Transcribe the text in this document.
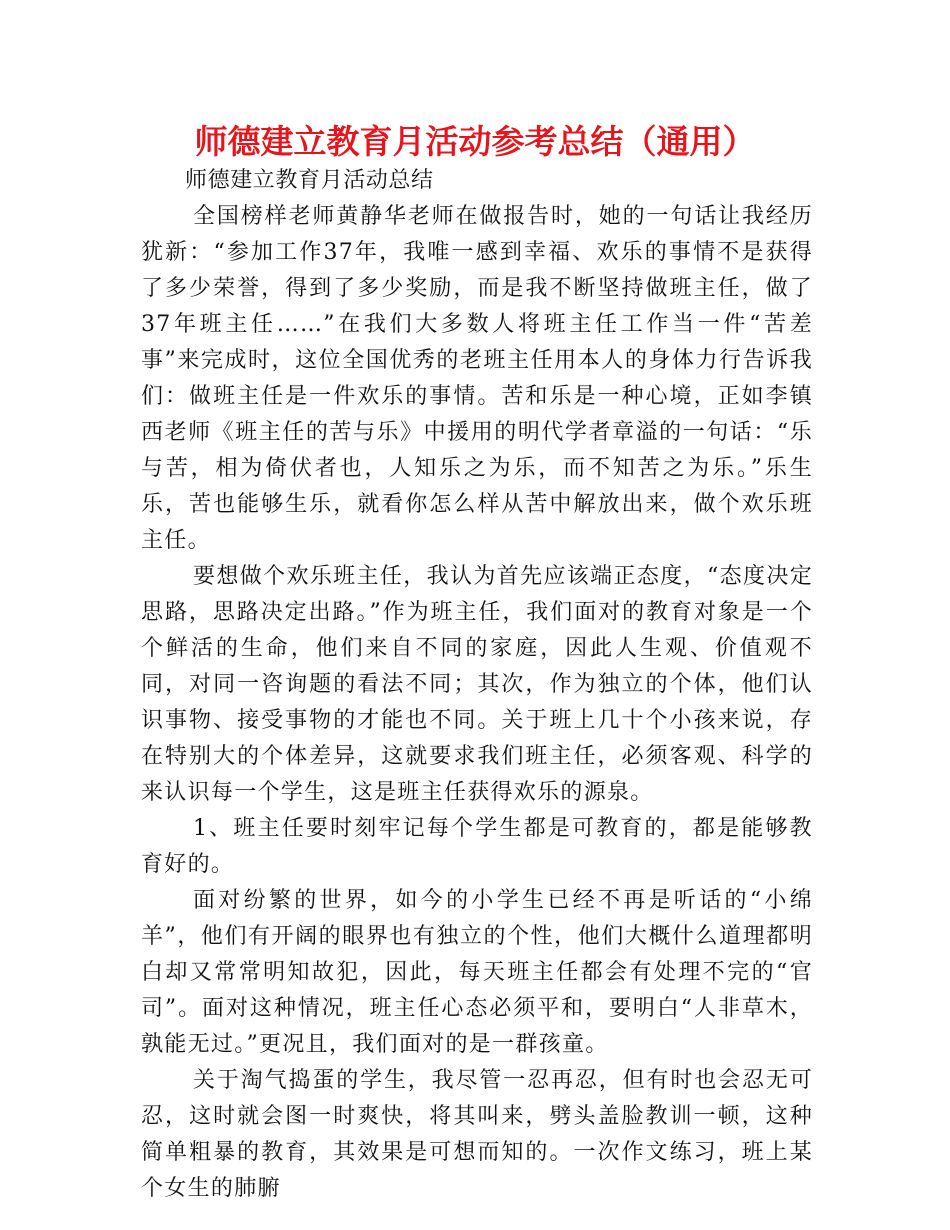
师德建立教育月活动参考总结（通用）

师德建立教育月活动总结

全国榜样老师黄静华老师在做报告时，她的一句话让我经历犹新：“参加工作37年，我唯一感到幸福、欢乐的事情不是获得了多少荣誉，得到了多少奖励，而是我不断坚持做班主任，做了37年班主任……”在我们大多数人将班主任工作当一件“苦差事”来完成时，这位全国优秀的老班主任用本人的身体力行告诉我们：做班主任是一件欢乐的事情。苦和乐是一种心境，正如李镇西老师《班主任的苦与乐》中援用的明代学者章溢的一句话：“乐与苦，相为倚伏者也，人知乐之为乐，而不知苦之为乐。”乐生乐，苦也能够生乐，就看你怎么样从苦中解放出来，做个欢乐班主任。

要想做个欢乐班主任，我认为首先应该端正态度，“态度决定思路，思路决定出路。”作为班主任，我们面对的教育对象是一个个鲜活的生命，他们来自不同的家庭，因此人生观、价值观不同，对同一咨询题的看法不同；其次，作为独立的个体，他们认识事物、接受事物的才能也不同。关于班上几十个小孩来说，存在特别大的个体差异，这就要求我们班主任，必须客观、科学的来认识每一个学生，这是班主任获得欢乐的源泉。

1、班主任要时刻牢记每个学生都是可教育的，都是能够教育好的。

面对纷繁的世界，如今的小学生已经不再是听话的“小绵羊”，他们有开阔的眼界也有独立的个性，他们大概什么道理都明白却又常常明知故犯，因此，每天班主任都会有处理不完的“官司”。面对这种情况，班主任心态必须平和，要明白“人非草木，孰能无过。”更况且，我们面对的是一群孩童。

关于淘气捣蛋的学生，我尽管一忍再忍，但有时也会忍无可忍，这时就会图一时爽快，将其叫来，劈头盖脸教训一顿，这种简单粗暴的教育，其效果是可想而知的。一次作文练习，班上某个女生的肺腑
